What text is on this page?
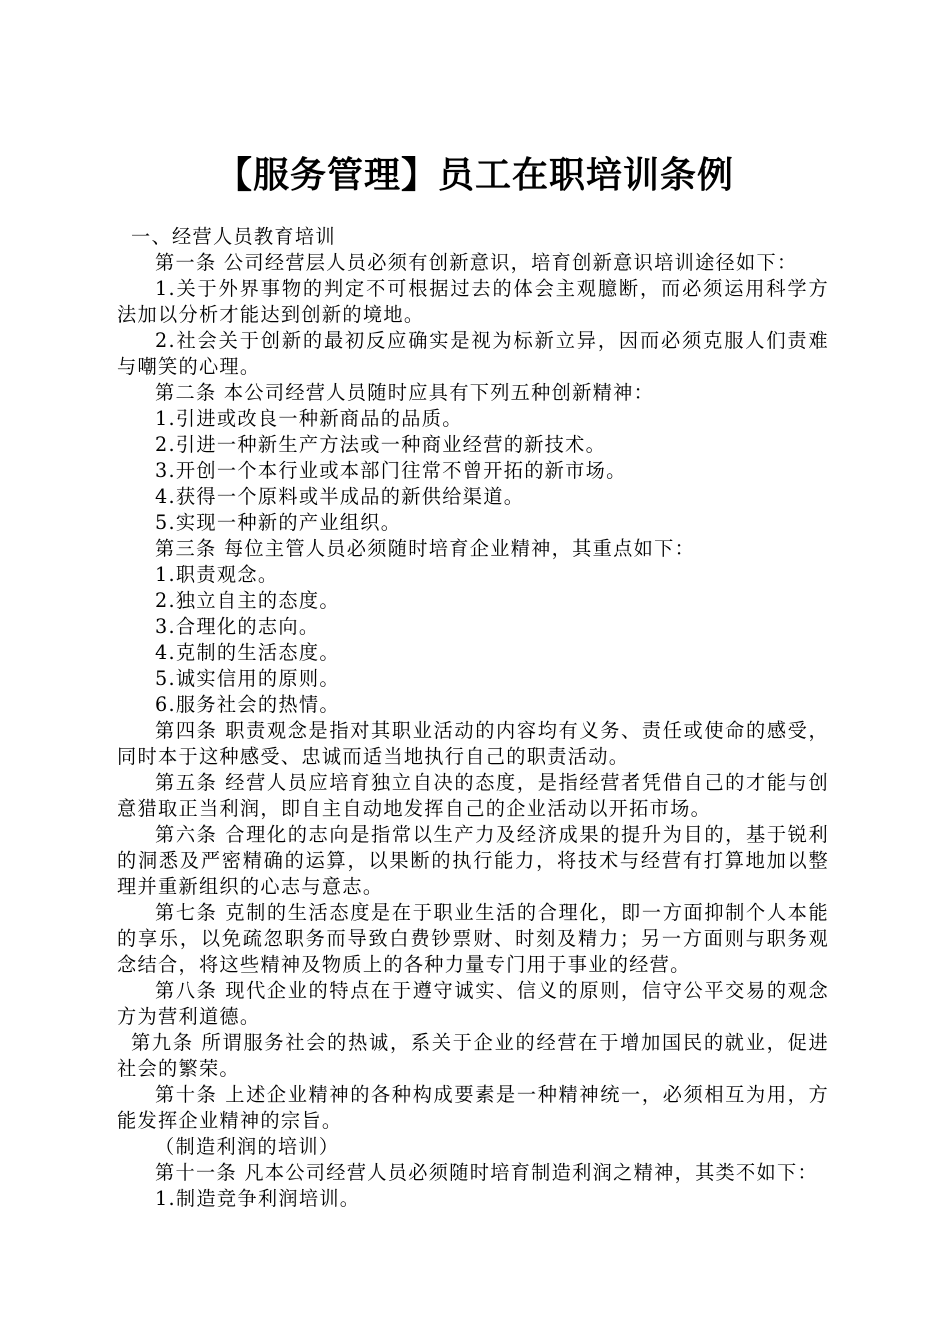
【服务管理】员工在职培训条例

一、经营人员教育培训

第一条 公司经营层人员必须有创新意识，培育创新意识培训途径如下：

1.关于外界事物的判定不可根据过去的体会主观臆断，而必须运用科学方法加以分析才能达到创新的境地。

2.社会关于创新的最初反应确实是视为标新立异，因而必须克服人们责难与嘲笑的心理。

第二条 本公司经营人员随时应具有下列五种创新精神：

1.引进或改良一种新商品的品质。

2.引进一种新生产方法或一种商业经营的新技术。

3.开创一个本行业或本部门往常不曾开拓的新市场。

4.获得一个原料或半成品的新供给渠道。

5.实现一种新的产业组织。

第三条 每位主管人员必须随时培育企业精神，其重点如下：

1.职责观念。

2.独立自主的态度。

3.合理化的志向。

4.克制的生活态度。

5.诚实信用的原则。

6.服务社会的热情。

第四条 职责观念是指对其职业活动的内容均有义务、责任或使命的感受，同时本于这种感受、忠诚而适当地执行自己的职责活动。

第五条 经营人员应培育独立自决的态度，是指经营者凭借自己的才能与创意猎取正当利润，即自主自动地发挥自己的企业活动以开拓市场。

第六条 合理化的志向是指常以生产力及经济成果的提升为目的，基于锐利的洞悉及严密精确的运算，以果断的执行能力，将技术与经营有打算地加以整理并重新组织的心志与意志。

第七条 克制的生活态度是在于职业生活的合理化，即一方面抑制个人本能的享乐，以免疏忽职务而导致白费钞票财、时刻及精力；另一方面则与职务观念结合，将这些精神及物质上的各种力量专门用于事业的经营。

第八条 现代企业的特点在于遵守诚实、信义的原则，信守公平交易的观念方为营利道德。

第九条 所谓服务社会的热诚，系关于企业的经营在于增加国民的就业，促进社会的繁荣。

第十条 上述企业精神的各种构成要素是一种精神统一，必须相互为用，方能发挥企业精神的宗旨。

（制造利润的培训）

第十一条 凡本公司经营人员必须随时培育制造利润之精神，其类不如下：

1.制造竞争利润培训。
